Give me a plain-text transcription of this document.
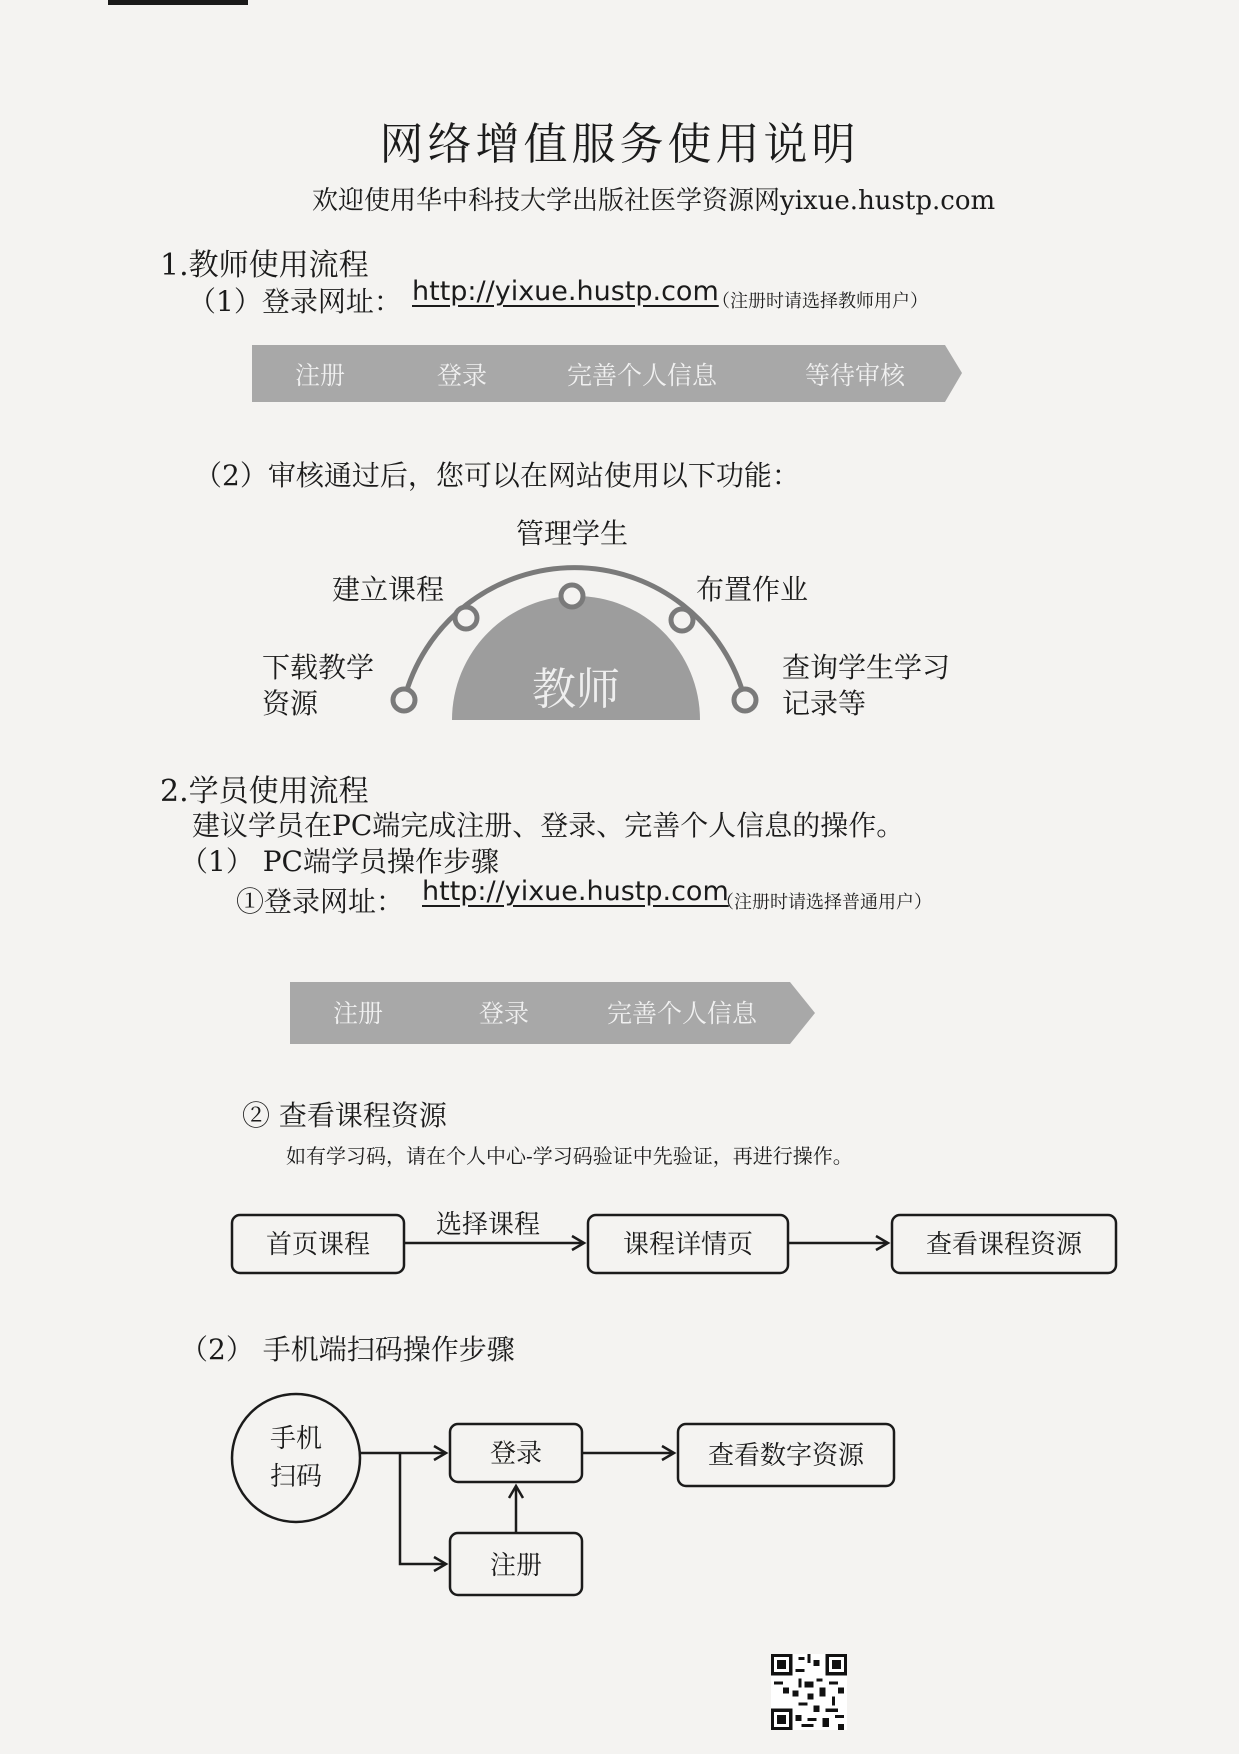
网络增值服务使用说明
欢迎使用华中科技大学出版社医学资源网yixue.hustp.com
1.教师使用流程
（1）登录网址： http://yixue.hustp.com
（注册时请选择教师用户）
注册	登录	完善个人信息	等待审核
教师
注册	登录	完善个人信息
首页课程
选择课程
课程详情页	查看课程资源
手机
扫码
登录
注册
查看数字资源
（2）审核通过后，您可以在网站使用以下功能：
管理学生
建立课程	布置作业
下载教学
资源
查询学生学习
记录等
2.学员使用流程
建议学员在PC端完成注册、登录、完善个人信息的操作。
（1） PC端学员操作步骤
①登录网址： http://yixue.hustp.com
（注册时请选择普通用户）
② 查看课程资源
如有学习码，请在个人中心-学习码验证中先验证，再进行操作。
（2） 手机端扫码操作步骤
